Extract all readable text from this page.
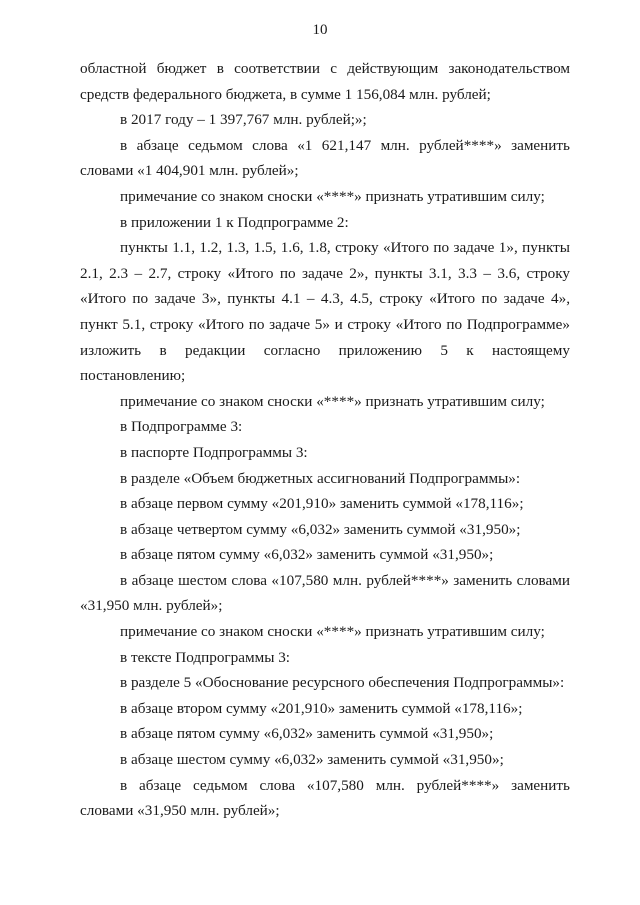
10

областной бюджет в соответствии с действующим законодательством средств федерального бюджета, в сумме 1 156,084 млн. рублей;

в 2017 году – 1 397,767 млн. рублей;»;

в абзаце седьмом слова «1 621,147 млн. рублей****» заменить словами «1 404,901 млн. рублей»;

примечание со знаком сноски «****» признать утратившим силу;

в приложении 1 к Подпрограмме 2:

пункты 1.1, 1.2, 1.3, 1.5, 1.6, 1.8, строку «Итого по задаче 1», пункты 2.1, 2.3 – 2.7, строку «Итого по задаче 2», пункты 3.1, 3.3 – 3.6, строку «Итого по задаче 3», пункты 4.1 – 4.3, 4.5, строку «Итого по задаче 4», пункт 5.1, строку «Итого по задаче 5» и строку «Итого по Подпрограмме» изложить в редакции согласно приложению 5 к настоящему постановлению;

примечание со знаком сноски «****» признать утратившим силу;

в Подпрограмме 3:

в паспорте Подпрограммы 3:

в разделе «Объем бюджетных ассигнований Подпрограммы»:

в абзаце первом сумму «201,910» заменить суммой «178,116»;

в абзаце четвертом сумму «6,032» заменить суммой «31,950»;

в абзаце пятом сумму «6,032» заменить суммой «31,950»;

в абзаце шестом слова «107,580 млн. рублей****» заменить словами «31,950 млн. рублей»;

примечание со знаком сноски «****» признать утратившим силу;

в тексте Подпрограммы 3:

в разделе 5 «Обоснование ресурсного обеспечения Подпрограммы»:

в абзаце втором сумму «201,910» заменить суммой «178,116»;

в абзаце пятом сумму «6,032» заменить суммой «31,950»;

в абзаце шестом сумму «6,032» заменить суммой «31,950»;

в абзаце седьмом слова «107,580 млн. рублей****» заменить словами «31,950 млн. рублей»;
